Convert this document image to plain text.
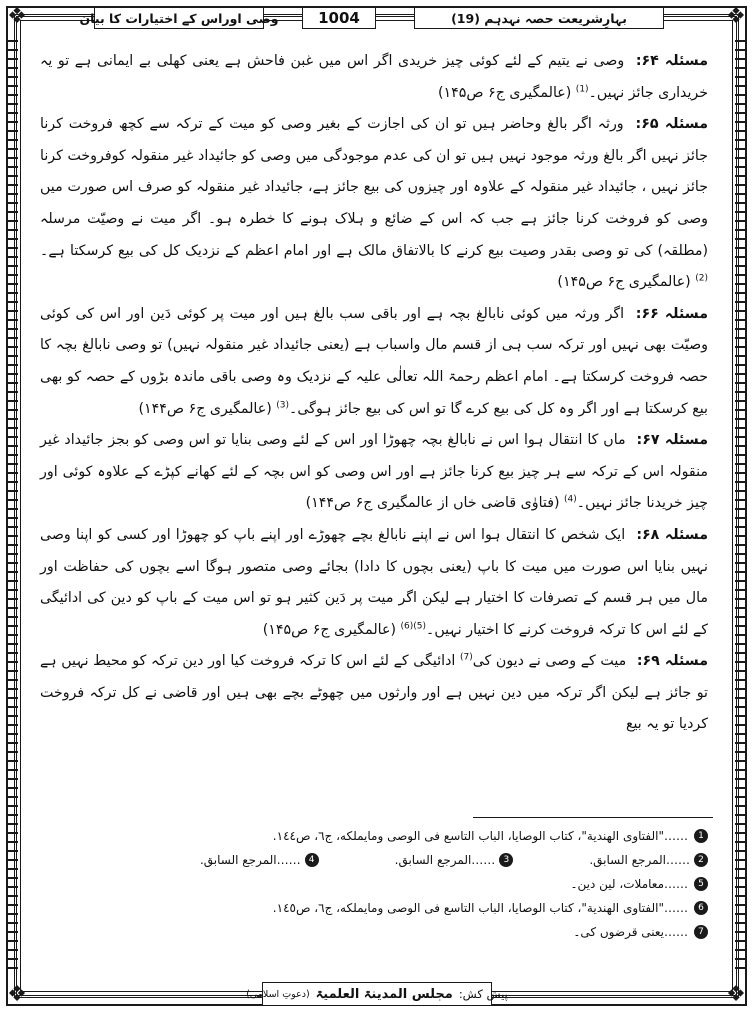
❖	❖
❖	❖
بہارِشریعت حصہ نہدہم (19)
1004
وصی اوراس کے اختیارات کا بیان

مسئلہ ۶۴: وصی نے یتیم کے لئے کوئی چیز خریدی اگر اس میں غبن فاحش ہے یعنی کھلی بے ایمانی ہے تو یہ خریداری جائز نہیں۔$^{(1)}$ (عالمگیری ج۶ ص۱۴۵)

مسئلہ ۶۵: ورثہ اگر بالغ وحاضر ہیں تو ان کی اجازت کے بغیر وصی کو میت کے ترکہ سے کچھ فروخت کرنا جائز نہیں اگر بالغ ورثہ موجود نہیں ہیں تو ان کی عدم موجودگی میں وصی کو جائیداد غیر منقولہ کوفروخت کرنا جائز نہیں ، جائیداد غیر منقولہ کے علاوہ اور چیزوں کی بیع جائز ہے، جائیداد غیر منقولہ کو صرف اس صورت میں وصی کو فروخت کرنا جائز ہے جب کہ اس کے ضائع و ہلاک ہونے کا خطرہ ہو۔ اگر میت نے وصیّت مرسلہ (مطلقہ) کی تو وصی بقدر وصیت بیع کرنے کا بالاتفاق مالک ہے اور امام اعظم کے نزدیک کل کی بیع کرسکتا ہے۔$^{(2)}$ (عالمگیری ج۶ ص۱۴۵)

مسئلہ ۶۶: اگر ورثہ میں کوئی نابالغ بچہ ہے اور باقی سب بالغ ہیں اور میت پر کوئی دَین اور اس کی کوئی وصیّت بھی نہیں اور ترکہ سب ہی از قسم مال واسباب ہے (یعنی جائیداد غیر منقولہ نہیں) تو وصی نابالغ بچہ کا حصہ فروخت کرسکتا ہے۔ امام اعظم رحمۃ اللہ تعالٰی علیہ کے نزدیک وہ وصی باقی ماندہ بڑوں کے حصہ کو بھی بیع کرسکتا ہے اور اگر وہ کل کی بیع کرے گا تو اس کی بیع جائز ہوگی۔$^{(3)}$ (عالمگیری ج۶ ص۱۴۴)

مسئلہ ۶۷: ماں کا انتقال ہوا اس نے نابالغ بچہ چھوڑا اور اس کے لئے وصی بنایا تو اس وصی کو بجز جائیداد غیر منقولہ اس کے ترکہ سے ہر چیز بیع کرنا جائز ہے اور اس وصی کو اس بچہ کے لئے کھانے کپڑے کے علاوہ کوئی اور چیز خریدنا جائز نہیں۔$^{(4)}$ (فتاوٰی قاضی خاں از عالمگیری ج۶ ص۱۴۴)

مسئلہ ۶۸: ایک شخص کا انتقال ہوا اس نے اپنے نابالغ بچے چھوڑے اور اپنے باپ کو چھوڑا اور کسی کو اپنا وصی نہیں بنایا اس صورت میں میت کا باپ (یعنی بچوں کا دادا) بجائے وصی متصور ہوگا اسے بچوں کی حفاظت اور مال میں ہر قسم کے تصرفات کا اختیار ہے لیکن اگر میت پر دَین کثیر ہو تو اس میت کے باپ کو دین کی ادائیگی کے لئے اس کا ترکہ فروخت کرنے کا اختیار نہیں۔$^{(5)(6)}$ (عالمگیری ج۶ ص۱۴۵)

مسئلہ ۶۹: میت کے وصی نے دیون کی$^{(7)}$ ادائیگی کے لئے اس کا ترکہ فروخت کیا اور دین ترکہ کو محیط نہیں ہے تو جائز ہے لیکن اگر ترکہ میں دین نہیں ہے اور وارثوں میں چھوٹے بچے بھی ہیں اور قاضی نے کل ترکہ فروخت کردیا تو یہ بیع

1
……"الفتاوی الهندية"، كتاب الوصايا، الباب التاسع فی الوصی ومايملكه، ج٦، ص١٤٤.
2
……المرجع السابق.
3
……المرجع السابق.
4
……المرجع السابق.
5
……معاملات، لین دین۔
6
……"الفتاوی الهندية"، كتاب الوصايا، الباب التاسع فی الوصی ومايملكه، ج٦، ص١٤٥.
7
……یعنی قرضوں کی۔
پیش کش:
مجلس المدینۃ العلمیۃ
(دعوتِ اسلامی)
